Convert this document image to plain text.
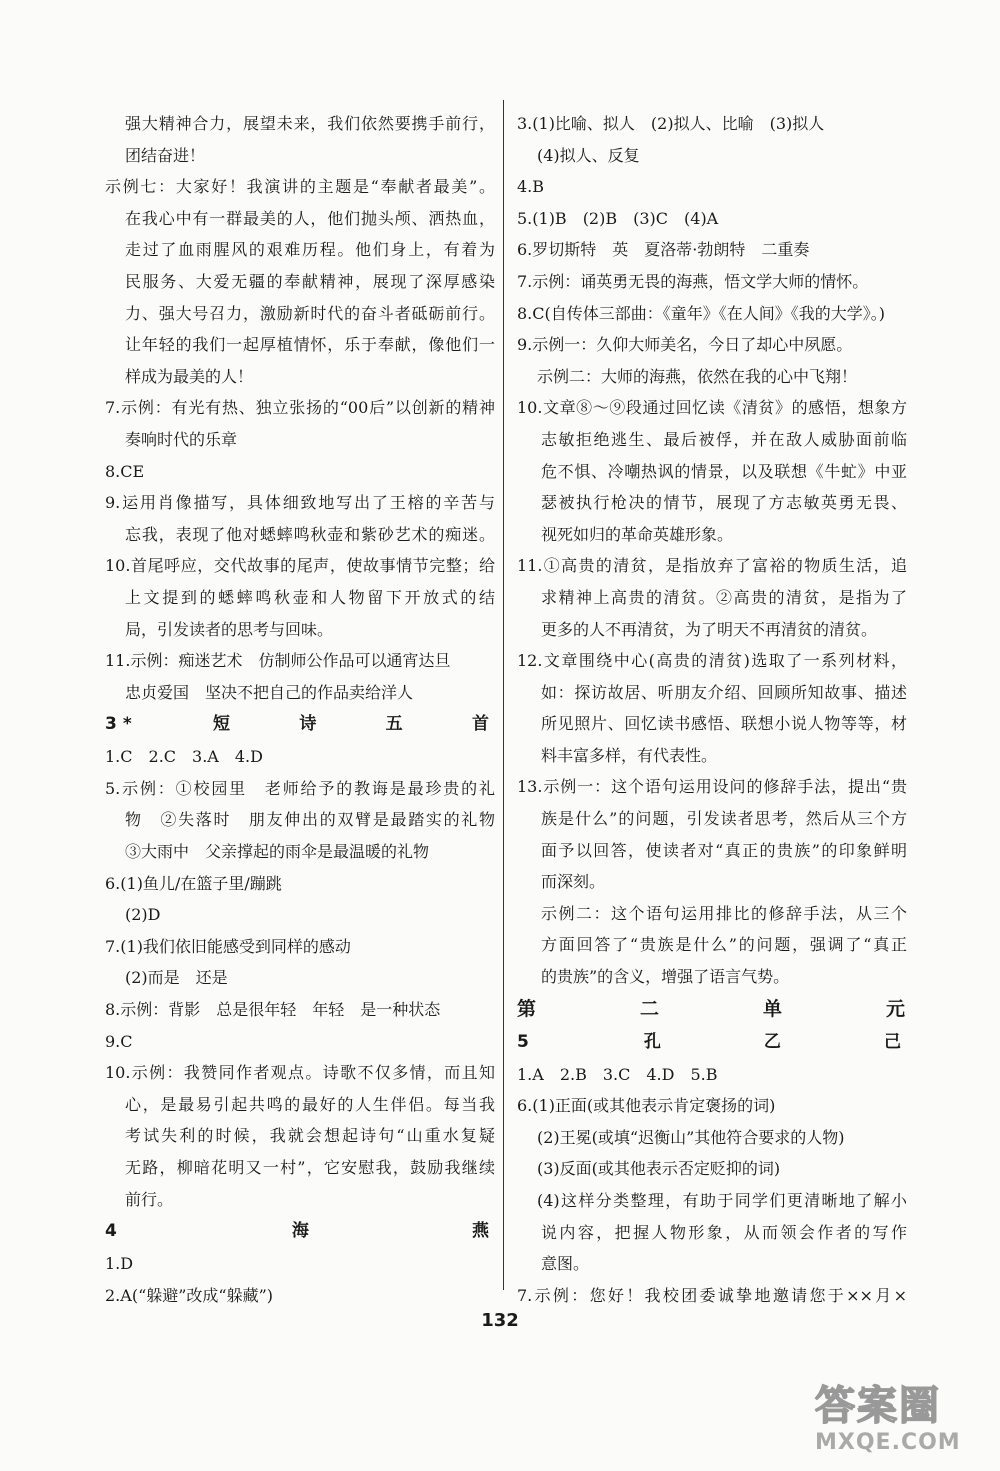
强大精神合力，展望未来，我们依然要携手前行，
团结奋进！
示例七：大家好！我演讲的主题是“奉献者最美”。
在我心中有一群最美的人，他们抛头颅、洒热血，
走过了血雨腥风的艰难历程。他们身上，有着为
民服务、大爱无疆的奉献精神，展现了深厚感染
力、强大号召力，激励新时代的奋斗者砥砺前行。
让年轻的我们一起厚植情怀，乐于奉献，像他们一
样成为最美的人！
7.示例：有光有热、独立张扬的“00后”以创新的精神
奏响时代的乐章
8.CE
9.运用肖像描写，具体细致地写出了王榕的辛苦与
忘我，表现了他对蟋蟀鸣秋壶和紫砂艺术的痴迷。
10.首尾呼应，交代故事的尾声，使故事情节完整；给
上文提到的蟋蟀鸣秋壶和人物留下开放式的结
局，引发读者的思考与回味。
11.示例：痴迷艺术　仿制师公作品可以通宵达旦
忠贞爱国　坚决不把自己的作品卖给洋人
3* 短诗五首
1.C　2.C　3.A　4.D
5.示例：①校园里　老师给予的教诲是最珍贵的礼
物　②失落时　朋友伸出的双臂是最踏实的礼物
③大雨中　父亲撑起的雨伞是最温暖的礼物
6.(1)鱼儿/在篮子里/蹦跳
(2)D
7.(1)我们依旧能感受到同样的感动
(2)而是　还是
8.示例：背影　总是很年轻　年轻　是一种状态
9.C
10.示例：我赞同作者观点。诗歌不仅多情，而且知
心，是最易引起共鸣的最好的人生伴侣。每当我
考试失利的时候，我就会想起诗句“山重水复疑
无路，柳暗花明又一村”，它安慰我，鼓励我继续
前行。
4 海燕
1.D
2.A(“躲避”改成“躲藏”)
3.(1)比喻、拟人　(2)拟人、比喻　(3)拟人
(4)拟人、反复
4.B
5.(1)B　(2)B　(3)C　(4)A
6.罗切斯特　英　夏洛蒂·勃朗特　二重奏
7.示例：诵英勇无畏的海燕，悟文学大师的情怀。
8.C(自传体三部曲：《童年》《在人间》《我的大学》。)
9.示例一：久仰大师美名，今日了却心中夙愿。
示例二：大师的海燕，依然在我的心中飞翔！
10.文章⑧～⑨段通过回忆读《清贫》的感悟，想象方
志敏拒绝逃生、最后被俘，并在敌人威胁面前临
危不惧、冷嘲热讽的情景，以及联想《牛虻》中亚
瑟被执行枪决的情节，展现了方志敏英勇无畏、
视死如归的革命英雄形象。
11.①高贵的清贫，是指放弃了富裕的物质生活，追
求精神上高贵的清贫。②高贵的清贫，是指为了
更多的人不再清贫，为了明天不再清贫的清贫。
12.文章围绕中心(高贵的清贫)选取了一系列材料，
如：探访故居、听朋友介绍、回顾所知故事、描述
所见照片、回忆读书感悟、联想小说人物等等，材
料丰富多样，有代表性。
13.示例一：这个语句运用设问的修辞手法，提出“贵
族是什么”的问题，引发读者思考，然后从三个方
面予以回答，使读者对“真正的贵族”的印象鲜明
而深刻。
示例二：这个语句运用排比的修辞手法，从三个
方面回答了“贵族是什么”的问题，强调了“真正
的贵族”的含义，增强了语言气势。
第二单元
5 孔乙己
1.A　2.B　3.C　4.D　5.B
6.(1)正面(或其他表示肯定褒扬的词)
(2)王冕(或填“迟衡山”其他符合要求的人物)
(3)反面(或其他表示否定贬抑的词)
(4)这样分类整理，有助于同学们更清晰地了解小
说内容，把握人物形象，从而领会作者的写作
意图。
7.示例：您好！我校团委诚挚地邀请您于××月×
132
答案圈
MXQE.COM
